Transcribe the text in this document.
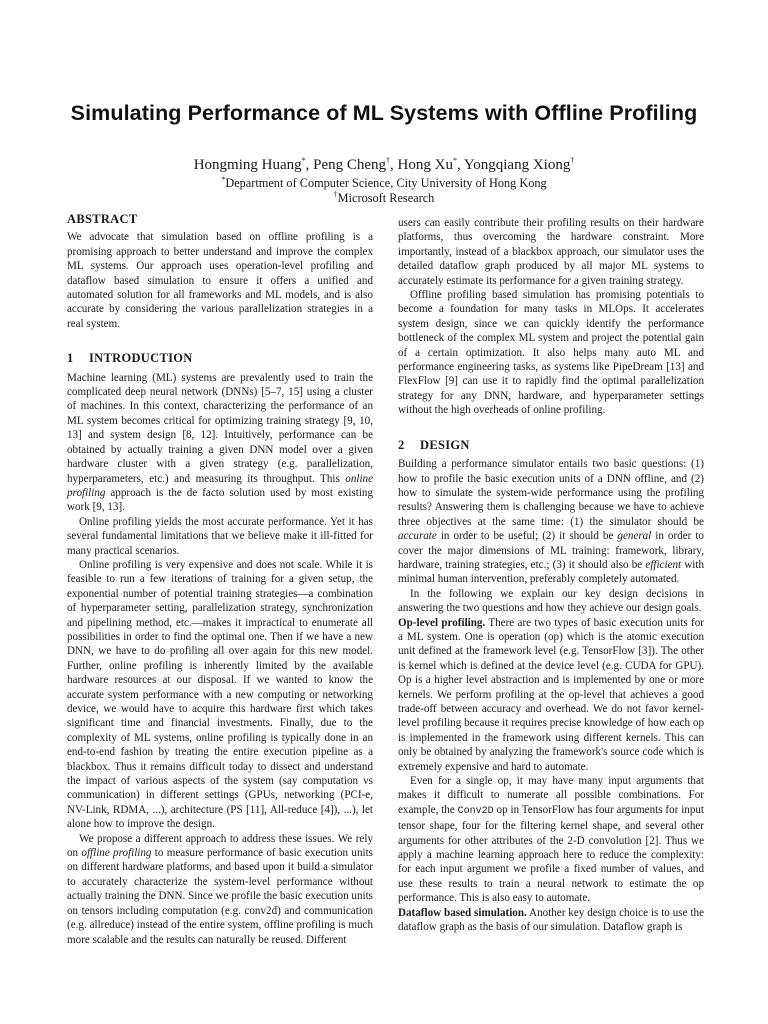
Simulating Performance of ML Systems with Offline Profiling
Hongming Huang*, Peng Cheng†, Hong Xu*, Yongqiang Xiong†
*Department of Computer Science, City University of Hong Kong
†Microsoft Research
ABSTRACT

We advocate that simulation based on offline profiling is a promising approach to better understand and improve the complex ML systems. Our approach uses operation-level profiling and dataflow based simulation to ensure it offers a unified and automated solution for all frameworks and ML models, and is also accurate by considering the various parallelization strategies in a real system.

1 INTRODUCTION

Machine learning (ML) systems are prevalently used to train the complicated deep neural network (DNNs) [5–7, 15] using a cluster of machines. In this context, characterizing the performance of an ML system becomes critical for optimizing training strategy [9, 10, 13] and system design [8, 12]. Intuitively, performance can be obtained by actually training a given DNN model over a given hardware cluster with a given strategy (e.g. parallelization, hyperparameters, etc.) and measuring its throughput. This online profiling approach is the de facto solution used by most existing work [9, 13].

Online profiling yields the most accurate performance. Yet it has several fundamental limitations that we believe make it ill-fitted for many practical scenarios.

Online profiling is very expensive and does not scale. While it is feasible to run a few iterations of training for a given setup, the exponential number of potential training strategies—a combination of hyperparameter setting, parallelization strategy, synchronization and pipelining method, etc.—makes it impractical to enumerate all possibilities in order to find the optimal one. Then if we have a new DNN, we have to do profiling all over again for this new model. Further, online profiling is inherently limited by the available hardware resources at our disposal. If we wanted to know the accurate system performance with a new computing or networking device, we would have to acquire this hardware first which takes significant time and financial investments. Finally, due to the complexity of ML systems, online profiling is typically done in an end-to-end fashion by treating the entire execution pipeline as a blackbox. Thus it remains difficult today to dissect and understand the impact of various aspects of the system (say computation vs communication) in different settings (GPUs, networking (PCI-e, NV-Link, RDMA, ...), architecture (PS [11], All-reduce [4]), ...), let alone how to improve the design.

We propose a different approach to address these issues. We rely on offline profiling to measure performance of basic execution units on different hardware platforms, and based upon it build a simulator to accurately characterize the system-level performance without actually training the DNN. Since we profile the basic execution units on tensors including computation (e.g. conv2d) and communication (e.g. allreduce) instead of the entire system, offline profiling is much more scalable and the results can naturally be reused. Different

users can easily contribute their profiling results on their hardware platforms, thus overcoming the hardware constraint. More importantly, instead of a blackbox approach, our simulator uses the detailed dataflow graph produced by all major ML systems to accurately estimate its performance for a given training strategy.

Offline profiling based simulation has promising potentials to become a foundation for many tasks in MLOps. It accelerates system design, since we can quickly identify the performance bottleneck of the complex ML system and project the potential gain of a certain optimization. It also helps many auto ML and performance engineering tasks, as systems like PipeDream [13] and FlexFlow [9] can use it to rapidly find the optimal parallelization strategy for any DNN, hardware, and hyperparameter settings without the high overheads of online profiling.

2 DESIGN

Building a performance simulator entails two basic questions: (1) how to profile the basic execution units of a DNN offline, and (2) how to simulate the system-wide performance using the profiling results? Answering them is challenging because we have to achieve three objectives at the same time: (1) the simulator should be accurate in order to be useful; (2) it should be general in order to cover the major dimensions of ML training: framework, library, hardware, training strategies, etc.; (3) it should also be efficient with minimal human intervention, preferably completely automated.

In the following we explain our key design decisions in answering the two questions and how they achieve our design goals.

Op-level profiling. There are two types of basic execution units for a ML system. One is operation (op) which is the atomic execution unit defined at the framework level (e.g. TensorFlow [3]). The other is kernel which is defined at the device level (e.g. CUDA for GPU). Op is a higher level abstraction and is implemented by one or more kernels. We perform profiling at the op-level that achieves a good trade-off between accuracy and overhead. We do not favor kernel-level profiling because it requires precise knowledge of how each op is implemented in the framework using different kernels. This can only be obtained by analyzing the framework's source code which is extremely expensive and hard to automate.

Even for a single op, it may have many input arguments that makes it difficult to numerate all possible combinations. For example, the Conv2D op in TensorFlow has four arguments for input tensor shape, four for the filtering kernel shape, and several other arguments for other attributes of the 2-D convolution [2]. Thus we apply a machine learning approach here to reduce the complexity: for each input argument we profile a fixed number of values, and use these results to train a neural network to estimate the op performance. This is also easy to automate.

Dataflow based simulation. Another key design choice is to use the dataflow graph as the basis of our simulation. Dataflow graph is
